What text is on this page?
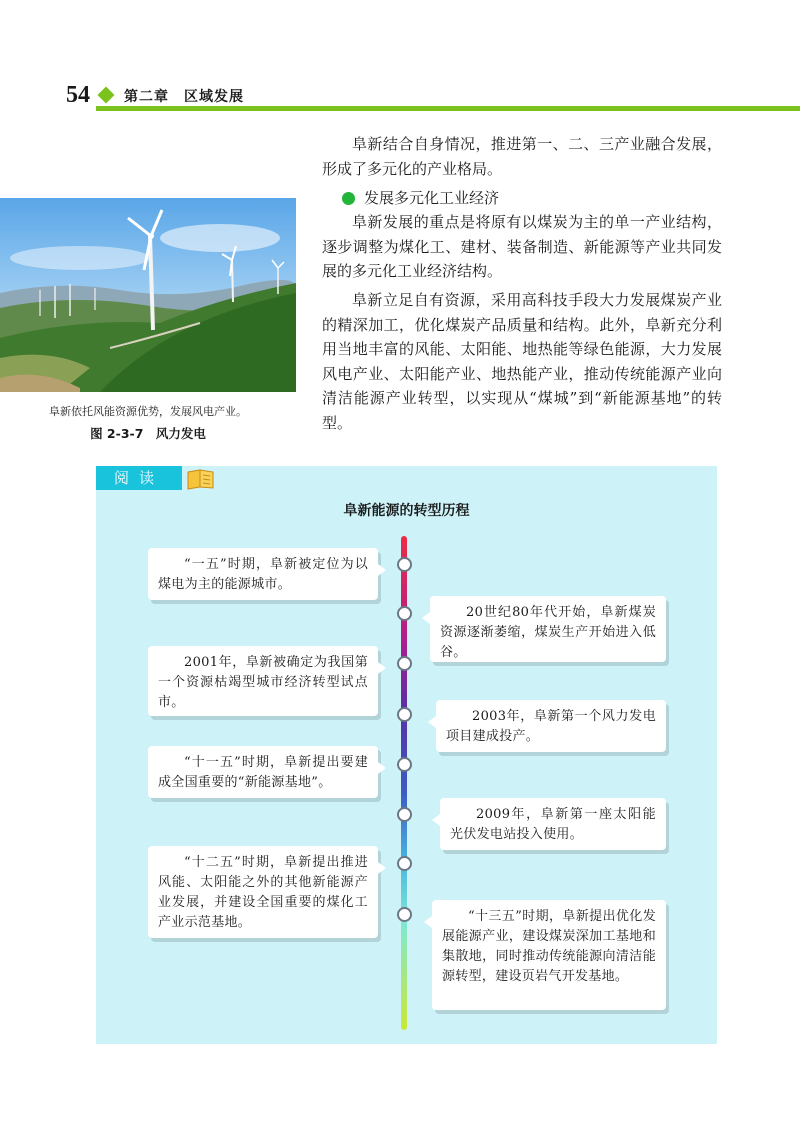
54 第二章　区域发展
阜新依托风能资源优势，发展风电产业。
图 2-3-7　风力发电
阜新结合自身情况，推进第一、二、三产业融合发展，形成了多元化的产业格局。
发展多元化工业经济
阜新发展的重点是将原有以煤炭为主的单一产业结构，逐步调整为煤化工、建材、装备制造、新能源等产业共同发展的多元化工业经济结构。
阜新立足自有资源，采用高科技手段大力发展煤炭产业的精深加工，优化煤炭产品质量和结构。此外，阜新充分利用当地丰富的风能、太阳能、地热能等绿色能源，大力发展风电产业、太阳能产业、地热能产业，推动传统能源产业向清洁能源产业转型，以实现从“煤城”到“新能源基地”的转型。
阅读
阜新能源的转型历程
“一五”时期，阜新被定位为以煤电为主的能源城市。
20世纪80年代开始，阜新煤炭资源逐渐萎缩，煤炭生产开始进入低谷。
2001年，阜新被确定为我国第一个资源枯竭型城市经济转型试点市。
2003年，阜新第一个风力发电项目建成投产。
“十一五”时期，阜新提出要建成全国重要的“新能源基地”。
2009年，阜新第一座太阳能光伏发电站投入使用。
“十二五”时期，阜新提出推进风能、太阳能之外的其他新能源产业发展，并建设全国重要的煤化工产业示范基地。	“十三五”时期，阜新提出优化发展能源产业，建设煤炭深加工基地和集散地，同时推动传统能源向清洁能源转型，建设页岩气开发基地。
